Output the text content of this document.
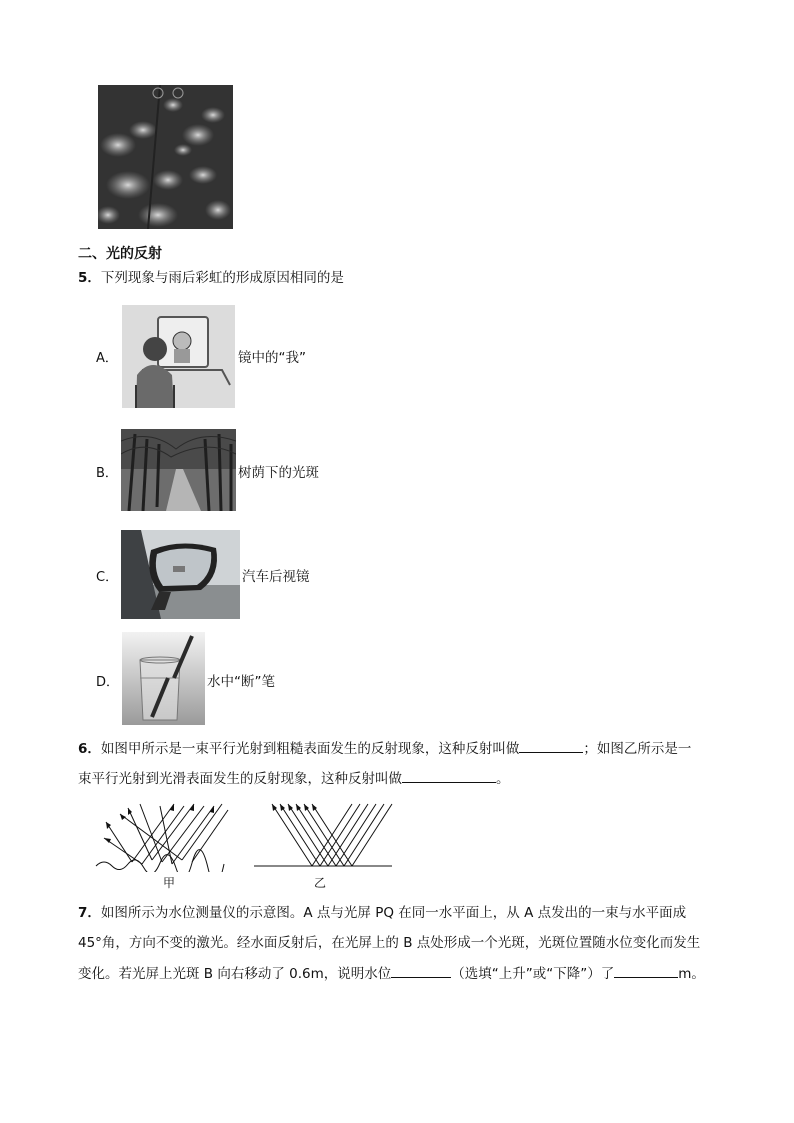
二、光的反射
5．下列现象与雨后彩虹的形成原因相同的是
A．	镜中的“我”
B．	树荫下的光斑
C．	汽车后视镜
D．	水中“断”笔
6．如图甲所示是一束平行光射到粗糙表面发生的反射现象，这种反射叫做	；如图乙所示是一
束平行光射到光滑表面发生的反射现象，这种反射叫做	。
甲	乙
7．如图所示为水位测量仪的示意图。A 点与光屏 PQ 在同一水平面上，从 A 点发出的一束与水平面成
45°角，方向不变的激光。经水面反射后，在光屏上的 B 点处形成一个光斑，光斑位置随水位变化而发生
变化。若光屏上光斑 B 向右移动了 0.6m，说明水位	（选填“上升”或“下降”）了	m。
